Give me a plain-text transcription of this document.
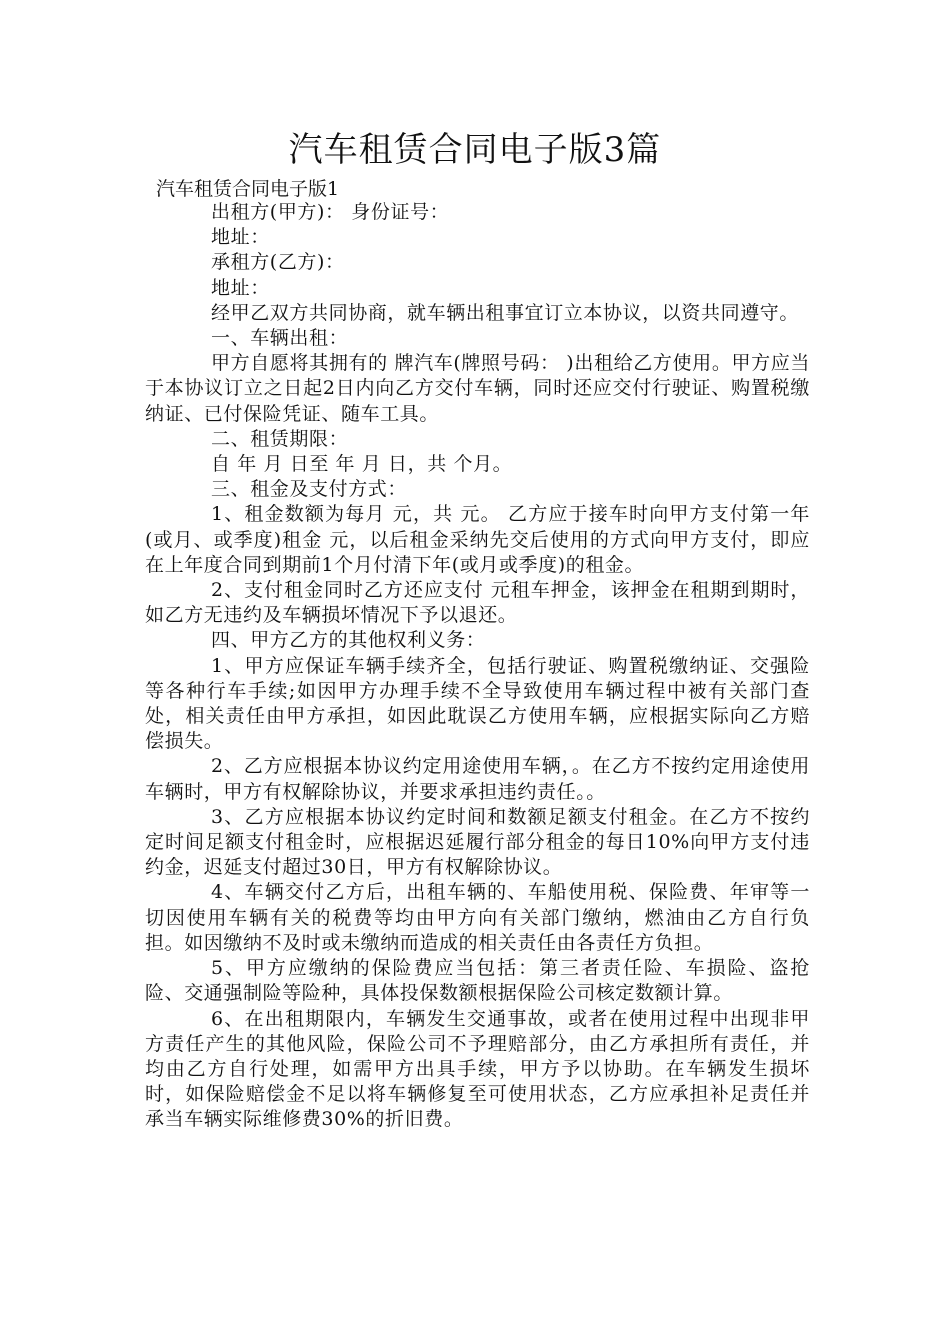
汽车租赁合同电子版3篇
汽车租赁合同电子版1

出租方(甲方)： 身份证号：

地址：

承租方(乙方)：

地址：

经甲乙双方共同协商，就车辆出租事宜订立本协议，以资共同遵守。

一、车辆出租：

甲方自愿将其拥有的 牌汽车(牌照号码： )出租给乙方使用。甲方应当于本协议订立之日起2日内向乙方交付车辆，同时还应交付行驶证、购置税缴纳证、已付保险凭证、随车工具。

二、租赁期限：

自 年 月 日至 年 月 日，共 个月。

三、租金及支付方式：

1、租金数额为每月 元，共 元。 乙方应于接车时向甲方支付第一年(或月、或季度)租金 元，以后租金采纳先交后使用的方式向甲方支付，即应在上年度合同到期前1个月付清下年(或月或季度)的租金。

2、支付租金同时乙方还应支付 元租车押金，该押金在租期到期时，如乙方无违约及车辆损坏情况下予以退还。

四、甲方乙方的其他权利义务：

1、甲方应保证车辆手续齐全，包括行驶证、购置税缴纳证、交强险等各种行车手续;如因甲方办理手续不全导致使用车辆过程中被有关部门查处，相关责任由甲方承担，如因此耽误乙方使用车辆，应根据实际向乙方赔偿损失。

2、乙方应根据本协议约定用途使用车辆，。在乙方不按约定用途使用车辆时，甲方有权解除协议，并要求承担违约责任。。

3、乙方应根据本协议约定时间和数额足额支付租金。在乙方不按约定时间足额支付租金时，应根据迟延履行部分租金的每日10%向甲方支付违约金，迟延支付超过30日，甲方有权解除协议。

4、车辆交付乙方后，出租车辆的、车船使用税、保险费、年审等一切因使用车辆有关的税费等均由甲方向有关部门缴纳，燃油由乙方自行负担。如因缴纳不及时或未缴纳而造成的相关责任由各责任方负担。

5、甲方应缴纳的保险费应当包括：第三者责任险、车损险、盗抢险、交通强制险等险种，具体投保数额根据保险公司核定数额计算。

6、在出租期限内，车辆发生交通事故，或者在使用过程中出现非甲方责任产生的其他风险，保险公司不予理赔部分，由乙方承担所有责任，并均由乙方自行处理，如需甲方出具手续，甲方予以协助。在车辆发生损坏时，如保险赔偿金不足以将车辆修复至可使用状态，乙方应承担补足责任并承当车辆实际维修费30%的折旧费。
